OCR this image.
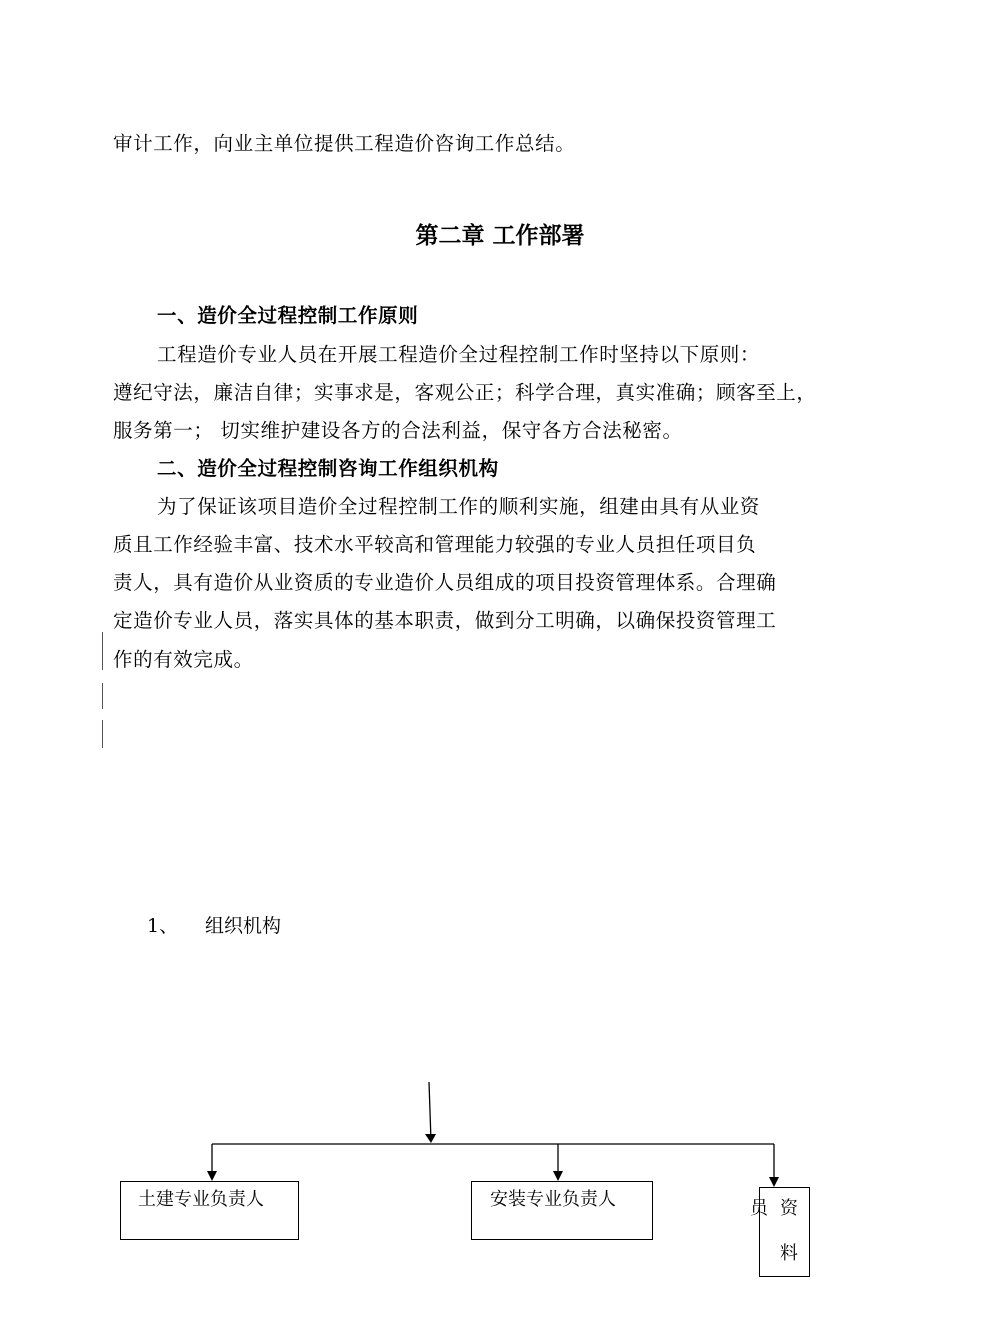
审计工作，向业主单位提供工程造价咨询工作总结。
第二章 工作部署
一、造价全过程控制工作原则
工程造价专业人员在开展工程造价全过程控制工作时坚持以下原则：
遵纪守法，廉洁自律；实事求是，客观公正；科学合理，真实准确；顾客至上，
服务第一； 切实维护建设各方的合法利益，保守各方合法秘密。
二、造价全过程控制咨询工作组织机构
为了保证该项目造价全过程控制工作的顺利实施，组建由具有从业资
质且工作经验丰富、技术水平较高和管理能力较强的专业人员担任项目负
责人，具有造价从业资质的专业造价人员组成的项目投资管理体系。合理确
定造价专业人员，落实具体的基本职责，做到分工明确，以确保投资管理工
作的有效完成。
1、 组织机构
土建专业负责人	安装专业负责人	员 资
料
